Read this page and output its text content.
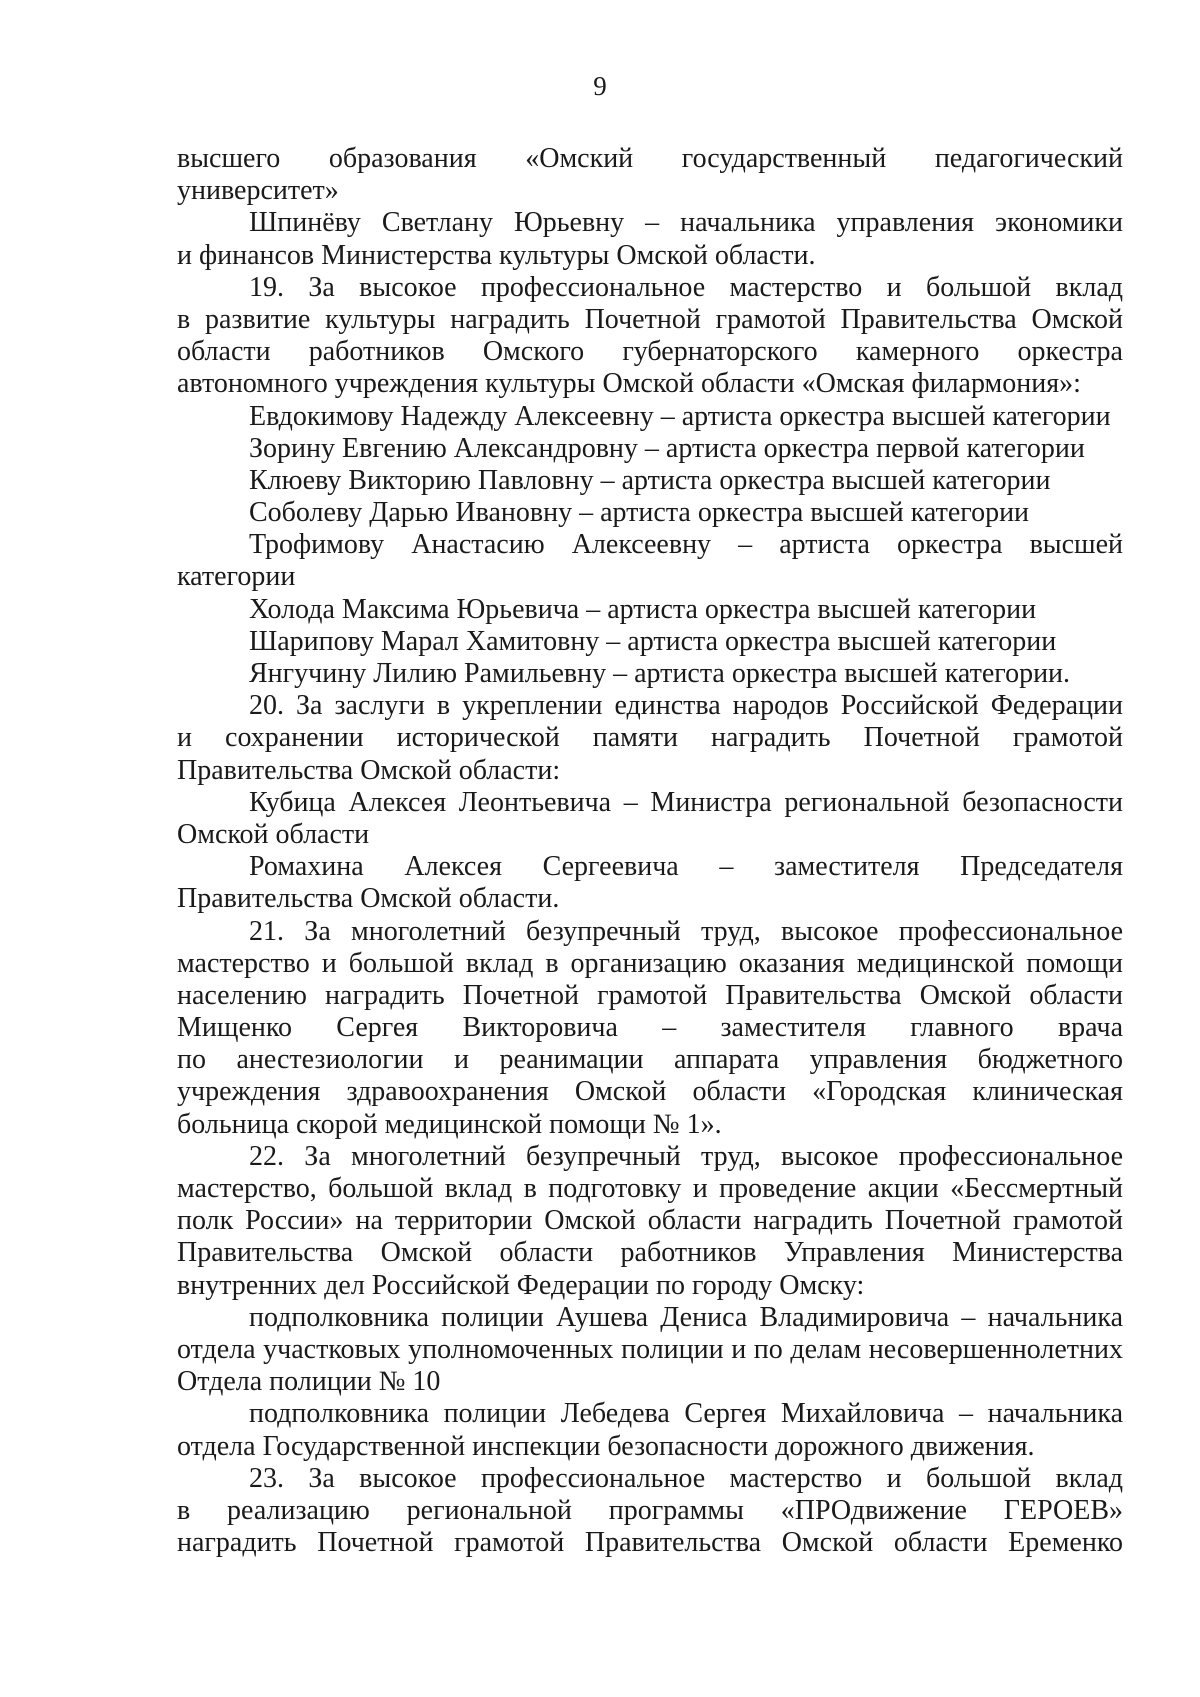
9
высшего образования «Омский государственный педагогический
университет»
Шпинёву Светлану Юрьевну – начальника управления экономики
и финансов Министерства культуры Омской области.
19. За высокое профессиональное мастерство и большой вклад
в развитие культуры наградить Почетной грамотой Правительства Омской
области работников Омского губернаторского камерного оркестра
автономного учреждения культуры Омской области «Омская филармония»:
Евдокимову Надежду Алексеевну – артиста оркестра высшей категории
Зорину Евгению Александровну – артиста оркестра первой категории
Клюеву Викторию Павловну – артиста оркестра высшей категории
Соболеву Дарью Ивановну – артиста оркестра высшей категории
Трофимову Анастасию Алексеевну – артиста оркестра высшей
категории
Холода Максима Юрьевича – артиста оркестра высшей категории
Шарипову Марал Хамитовну – артиста оркестра высшей категории
Янгучину Лилию Рамильевну – артиста оркестра высшей категории.
20. За заслуги в укреплении единства народов Российской Федерации
и сохранении исторической памяти наградить Почетной грамотой
Правительства Омской области:
Кубица Алексея Леонтьевича – Министра региональной безопасности
Омской области
Ромахина Алексея Сергеевича – заместителя Председателя
Правительства Омской области.
21. За многолетний безупречный труд, высокое профессиональное
мастерство и большой вклад в организацию оказания медицинской помощи
населению наградить Почетной грамотой Правительства Омской области
Мищенко Сергея Викторовича – заместителя главного врача
по анестезиологии и реанимации аппарата управления бюджетного
учреждения здравоохранения Омской области «Городская клиническая
больница скорой медицинской помощи № 1».
22. За многолетний безупречный труд, высокое профессиональное
мастерство, большой вклад в подготовку и проведение акции «Бессмертный
полк России» на территории Омской области наградить Почетной грамотой
Правительства Омской области работников Управления Министерства
внутренних дел Российской Федерации по городу Омску:
подполковника полиции Аушева Дениса Владимировича – начальника
отдела участковых уполномоченных полиции и по делам несовершеннолетних
Отдела полиции № 10
подполковника полиции Лебедева Сергея Михайловича – начальника
отдела Государственной инспекции безопасности дорожного движения.
23. За высокое профессиональное мастерство и большой вклад
в реализацию региональной программы «ПРОдвижение ГЕРОЕВ»
наградить Почетной грамотой Правительства Омской области Еременко
